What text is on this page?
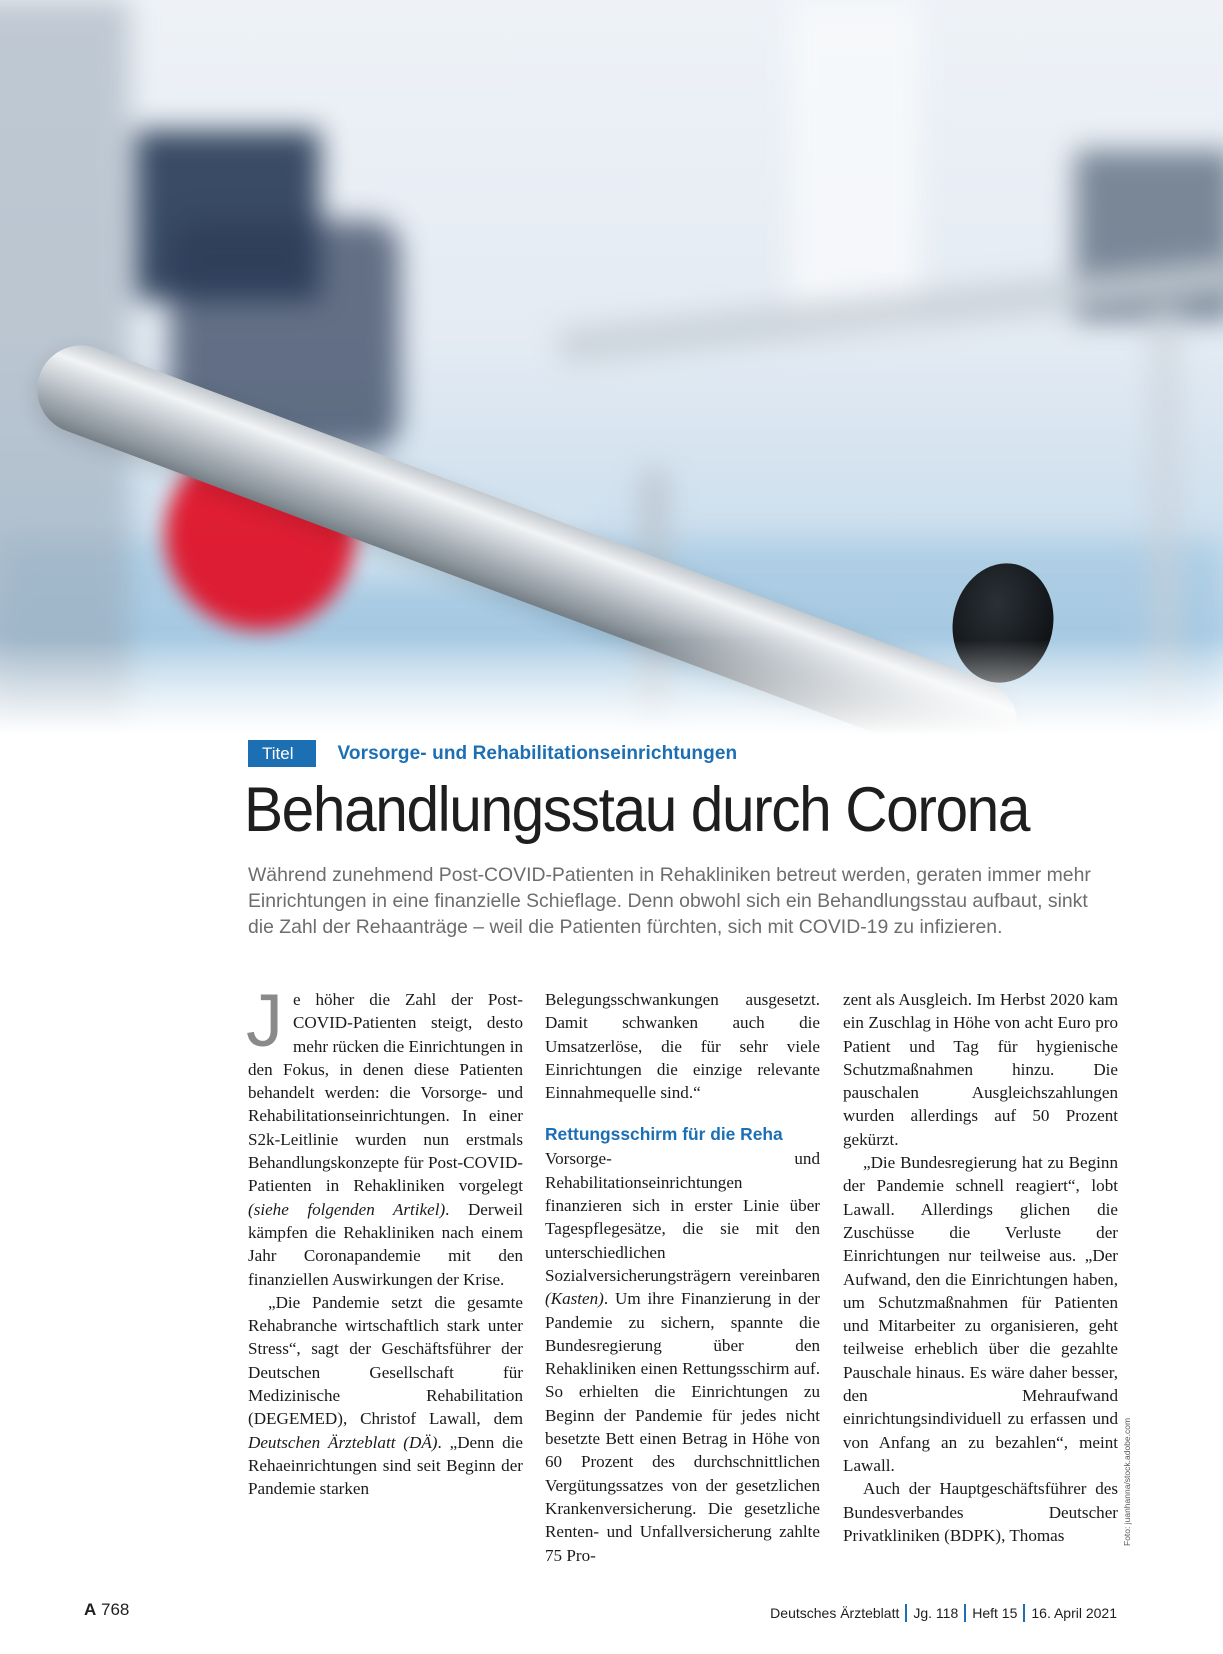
Titel	Vorsorge- und Rehabilitationseinrichtungen
Behandlungsstau durch Corona

Während zunehmend Post-COVID-Patienten in Rehakliniken betreut werden, geraten immer mehr Einrichtungen in eine finanzielle Schieflage. Denn obwohl sich ein Behandlungsstau aufbaut, sinkt die Zahl der Rehaanträge – weil die Patienten fürchten, sich mit COVID-19 zu infizieren.

Je höher die Zahl der Post-COVID-Patienten steigt, desto mehr rücken die Einrichtungen in den Fokus, in denen diese Patienten behandelt werden: die Vorsorge- und Rehabilitationseinrichtungen. In einer S2k-Leitlinie wurden nun erstmals Behandlungskonzepte für Post-COVID-Patienten in Rehakliniken vorgelegt (siehe folgenden Artikel). Derweil kämpfen die Rehakliniken nach einem Jahr Coronapandemie mit den finanziellen Auswirkungen der Krise.

„Die Pandemie setzt die gesamte Rehabranche wirtschaftlich stark unter Stress“, sagt der Geschäftsführer der Deutschen Gesellschaft für Medizinische Rehabilitation (DEGEMED), Christof Lawall, dem Deutschen Ärzteblatt (DÄ). „Denn die Rehaeinrichtungen sind seit Beginn der Pandemie starken

Belegungsschwankungen ausgesetzt. Damit schwanken auch die Umsatzerlöse, die für sehr viele Einrichtungen die einzige relevante Einnahmequelle sind.“

Rettungsschirm für die Reha

Vorsorge- und Rehabilitationseinrichtungen finanzieren sich in erster Linie über Tagespflegesätze, die sie mit den unterschiedlichen Sozialversicherungsträgern vereinbaren (Kasten). Um ihre Finanzierung in der Pandemie zu sichern, spannte die Bundesregierung über den Rehakliniken einen Rettungsschirm auf. So erhielten die Einrichtungen zu Beginn der Pandemie für jedes nicht besetzte Bett einen Betrag in Höhe von 60 Prozent des durchschnittlichen Vergütungssatzes von der gesetzlichen Krankenversicherung. Die gesetzliche Renten- und Unfallversicherung zahlte 75 Pro-

zent als Ausgleich. Im Herbst 2020 kam ein Zuschlag in Höhe von acht Euro pro Patient und Tag für hygienische Schutzmaßnahmen hinzu. Die pauschalen Ausgleichszahlungen wurden allerdings auf 50 Prozent gekürzt.

„Die Bundesregierung hat zu Beginn der Pandemie schnell reagiert“, lobt Lawall. Allerdings glichen die Zuschüsse die Verluste der Einrichtungen nur teilweise aus. „Der Aufwand, den die Einrichtungen haben, um Schutzmaßnahmen für Patienten und Mitarbeiter zu organisieren, geht teilweise erheblich über die gezahlte Pauschale hinaus. Es wäre daher besser, den Mehraufwand einrichtungsindividuell zu erfassen und von Anfang an zu bezahlen“, meint Lawall.

Auch der Hauptgeschäftsführer des Bundesverbandes Deutscher Privatkliniken (BDPK), Thomas	Foto: juanhanna/stock.adobe.com
A 768	Deutsches Ärzteblatt Jg. 118 Heft 15 16. April 2021
